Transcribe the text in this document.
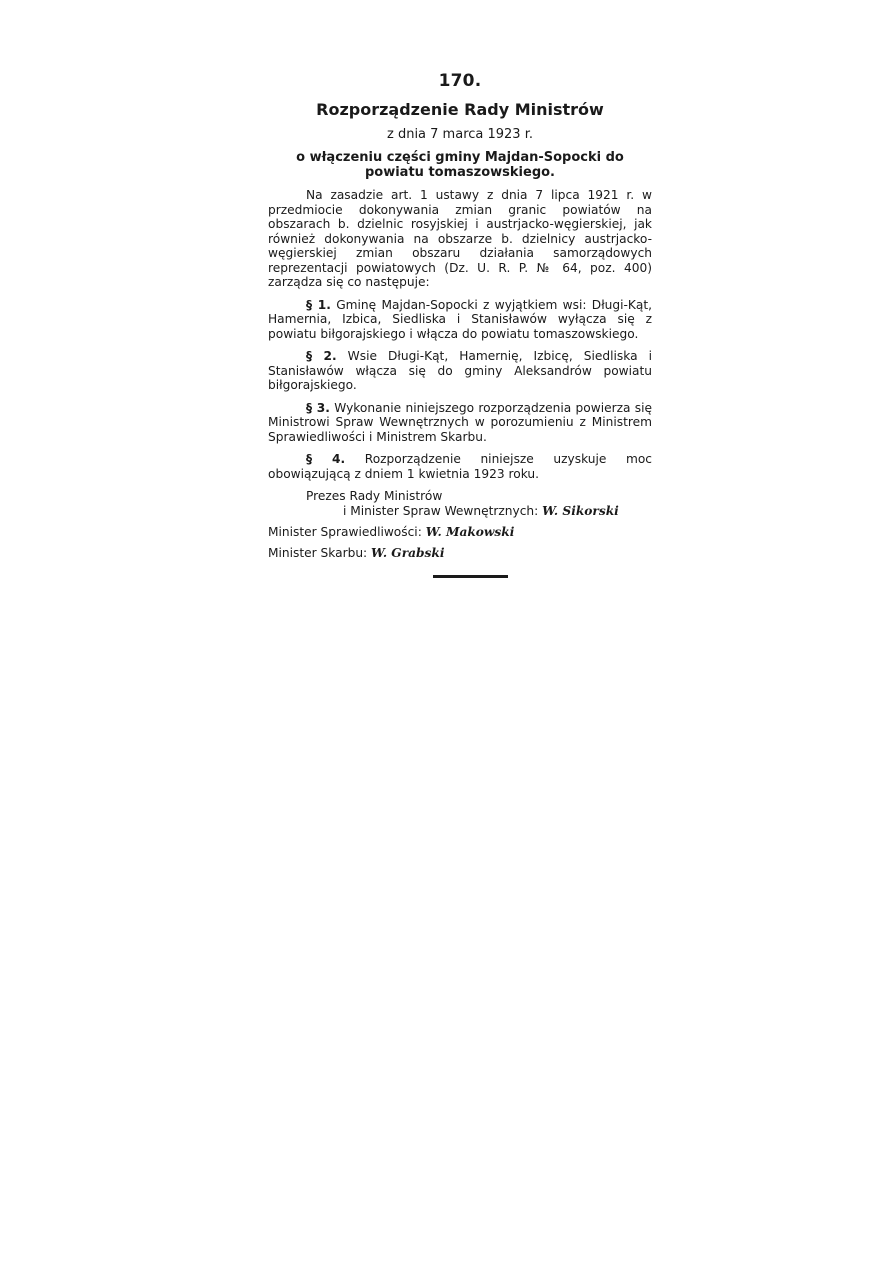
170.
Rozporządzenie Rady Ministrów
z dnia 7 marca 1923 r.
o włączeniu części gminy Majdan-Sopocki do powiatu tomaszowskiego.

Na zasadzie art. 1 ustawy z dnia 7 lipca 1921 r. w przedmiocie dokonywania zmian granic powiatów na obszarach b. dzielnic rosyjskiej i austrjacko-węgierskiej, jak również dokonywania na obszarze b. dzielnicy austrjacko-węgierskiej zmian obszaru działania samorządowych reprezentacji powiatowych (Dz. U. R. P. № 64, poz. 400) zarządza się co następuje:

§ 1. Gminę Majdan-Sopocki z wyjątkiem wsi: Długi-Kąt, Hamernia, Izbica, Siedliska i Stanisławów wyłącza się z powiatu biłgorajskiego i włącza do powiatu tomaszowskiego.

§ 2. Wsie Długi-Kąt, Hamernię, Izbicę, Siedliska i Stanisławów włącza się do gminy Aleksandrów powiatu biłgorajskiego.

§ 3. Wykonanie niniejszego rozporządzenia powierza się Ministrowi Spraw Wewnętrznych w porozumieniu z Ministrem Sprawiedliwości i Ministrem Skarbu.

§ 4. Rozporządzenie niniejsze uzyskuje moc obowiązującą z dniem 1 kwietnia 1923 roku.

Prezes Rady Ministrów
i Minister Spraw Wewnętrznych: W. Sikorski
Minister Sprawiedliwości: W. Makowski
Minister Skarbu: W. Grabski
